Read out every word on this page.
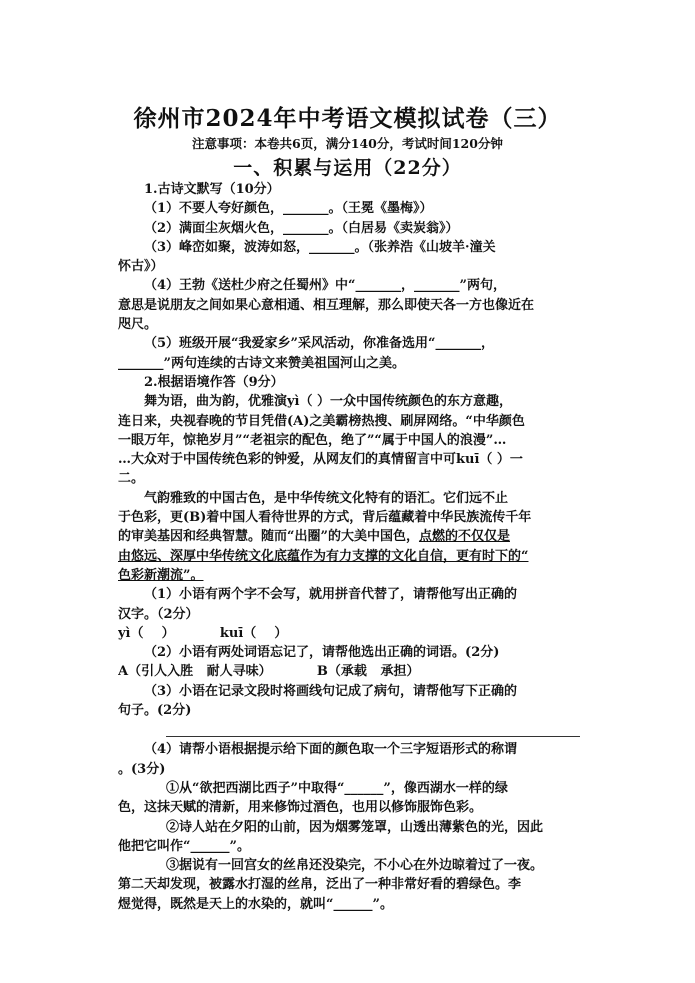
徐州市2024年中考语文模拟试卷（三）
注意事项：本卷共6页，满分140分，考试时间120分钟
一、积累与运用（22分）
1.古诗文默写（10分）
（1）不要人夸好颜色，_______。（王冕《墨梅》）
（2）满面尘灰烟火色，_______。（白居易《卖炭翁》）
（3）峰峦如聚，波涛如怒，_______。（张养浩《山坡羊·潼关
怀古》）
（4）王勃《送杜少府之任蜀州》中“_______，_______”两句，
意思是说朋友之间如果心意相通、相互理解，那么即使天各一方也像近在
咫尺。
（5）班级开展“我爱家乡”采风活动，你准备选用“_______，
_______”两句连续的古诗文来赞美祖国河山之美。
2.根据语境作答（9分）
舞为语，曲为韵，优雅演yì（ ）一众中国传统颜色的东方意趣，
连日来，央视春晚的节目凭借(A)之美霸榜热搜、刷屏网络。“中华颜色
一眼万年，惊艳岁月”“老祖宗的配色，绝了”“属于中国人的浪漫”…
…大众对于中国传统色彩的钟爱，从网友们的真情留言中可kuī（ ）一
二。
气韵雅致的中国古色，是中华传统文化特有的语汇。它们远不止
于色彩，更(B)着中国人看待世界的方式，背后蕴藏着中华民族流传千年
的审美基因和经典智慧。随而“出圈”的大美中国色，点燃的不仅仅是
由悠远、深厚中华传统文化底蕴作为有力支撑的文化自信，更有时下的“
色彩新潮流”。
（1）小语有两个字不会写，就用拼音代替了，请帮他写出正确的
汉字。（2分）
yì（    ）          kuī（    ）
（2）小语有两处词语忘记了，请帮他选出正确的词语。(2分)
A（引人入胜   耐人寻味）          B（承载   承担）
（3）小语在记录文段时将画线句记成了病句，请帮他写下正确的
句子。(2分)
（4）请帮小语根据提示给下面的颜色取一个三字短语形式的称谓
。(3分)
①从“欲把西湖比西子”中取得“______”，像西湖水一样的绿
色，这抹天赋的清新，用来修饰过酒色，也用以修饰服饰色彩。
②诗人站在夕阳的山前，因为烟雾笼罩，山透出薄紫色的光，因此
他把它叫作“______”。
③据说有一回宫女的丝帛还没染完，不小心在外边晾着过了一夜。
第二天却发现，被露水打湿的丝帛，泛出了一种非常好看的碧绿色。李
煜觉得，既然是天上的水染的，就叫“______”。
